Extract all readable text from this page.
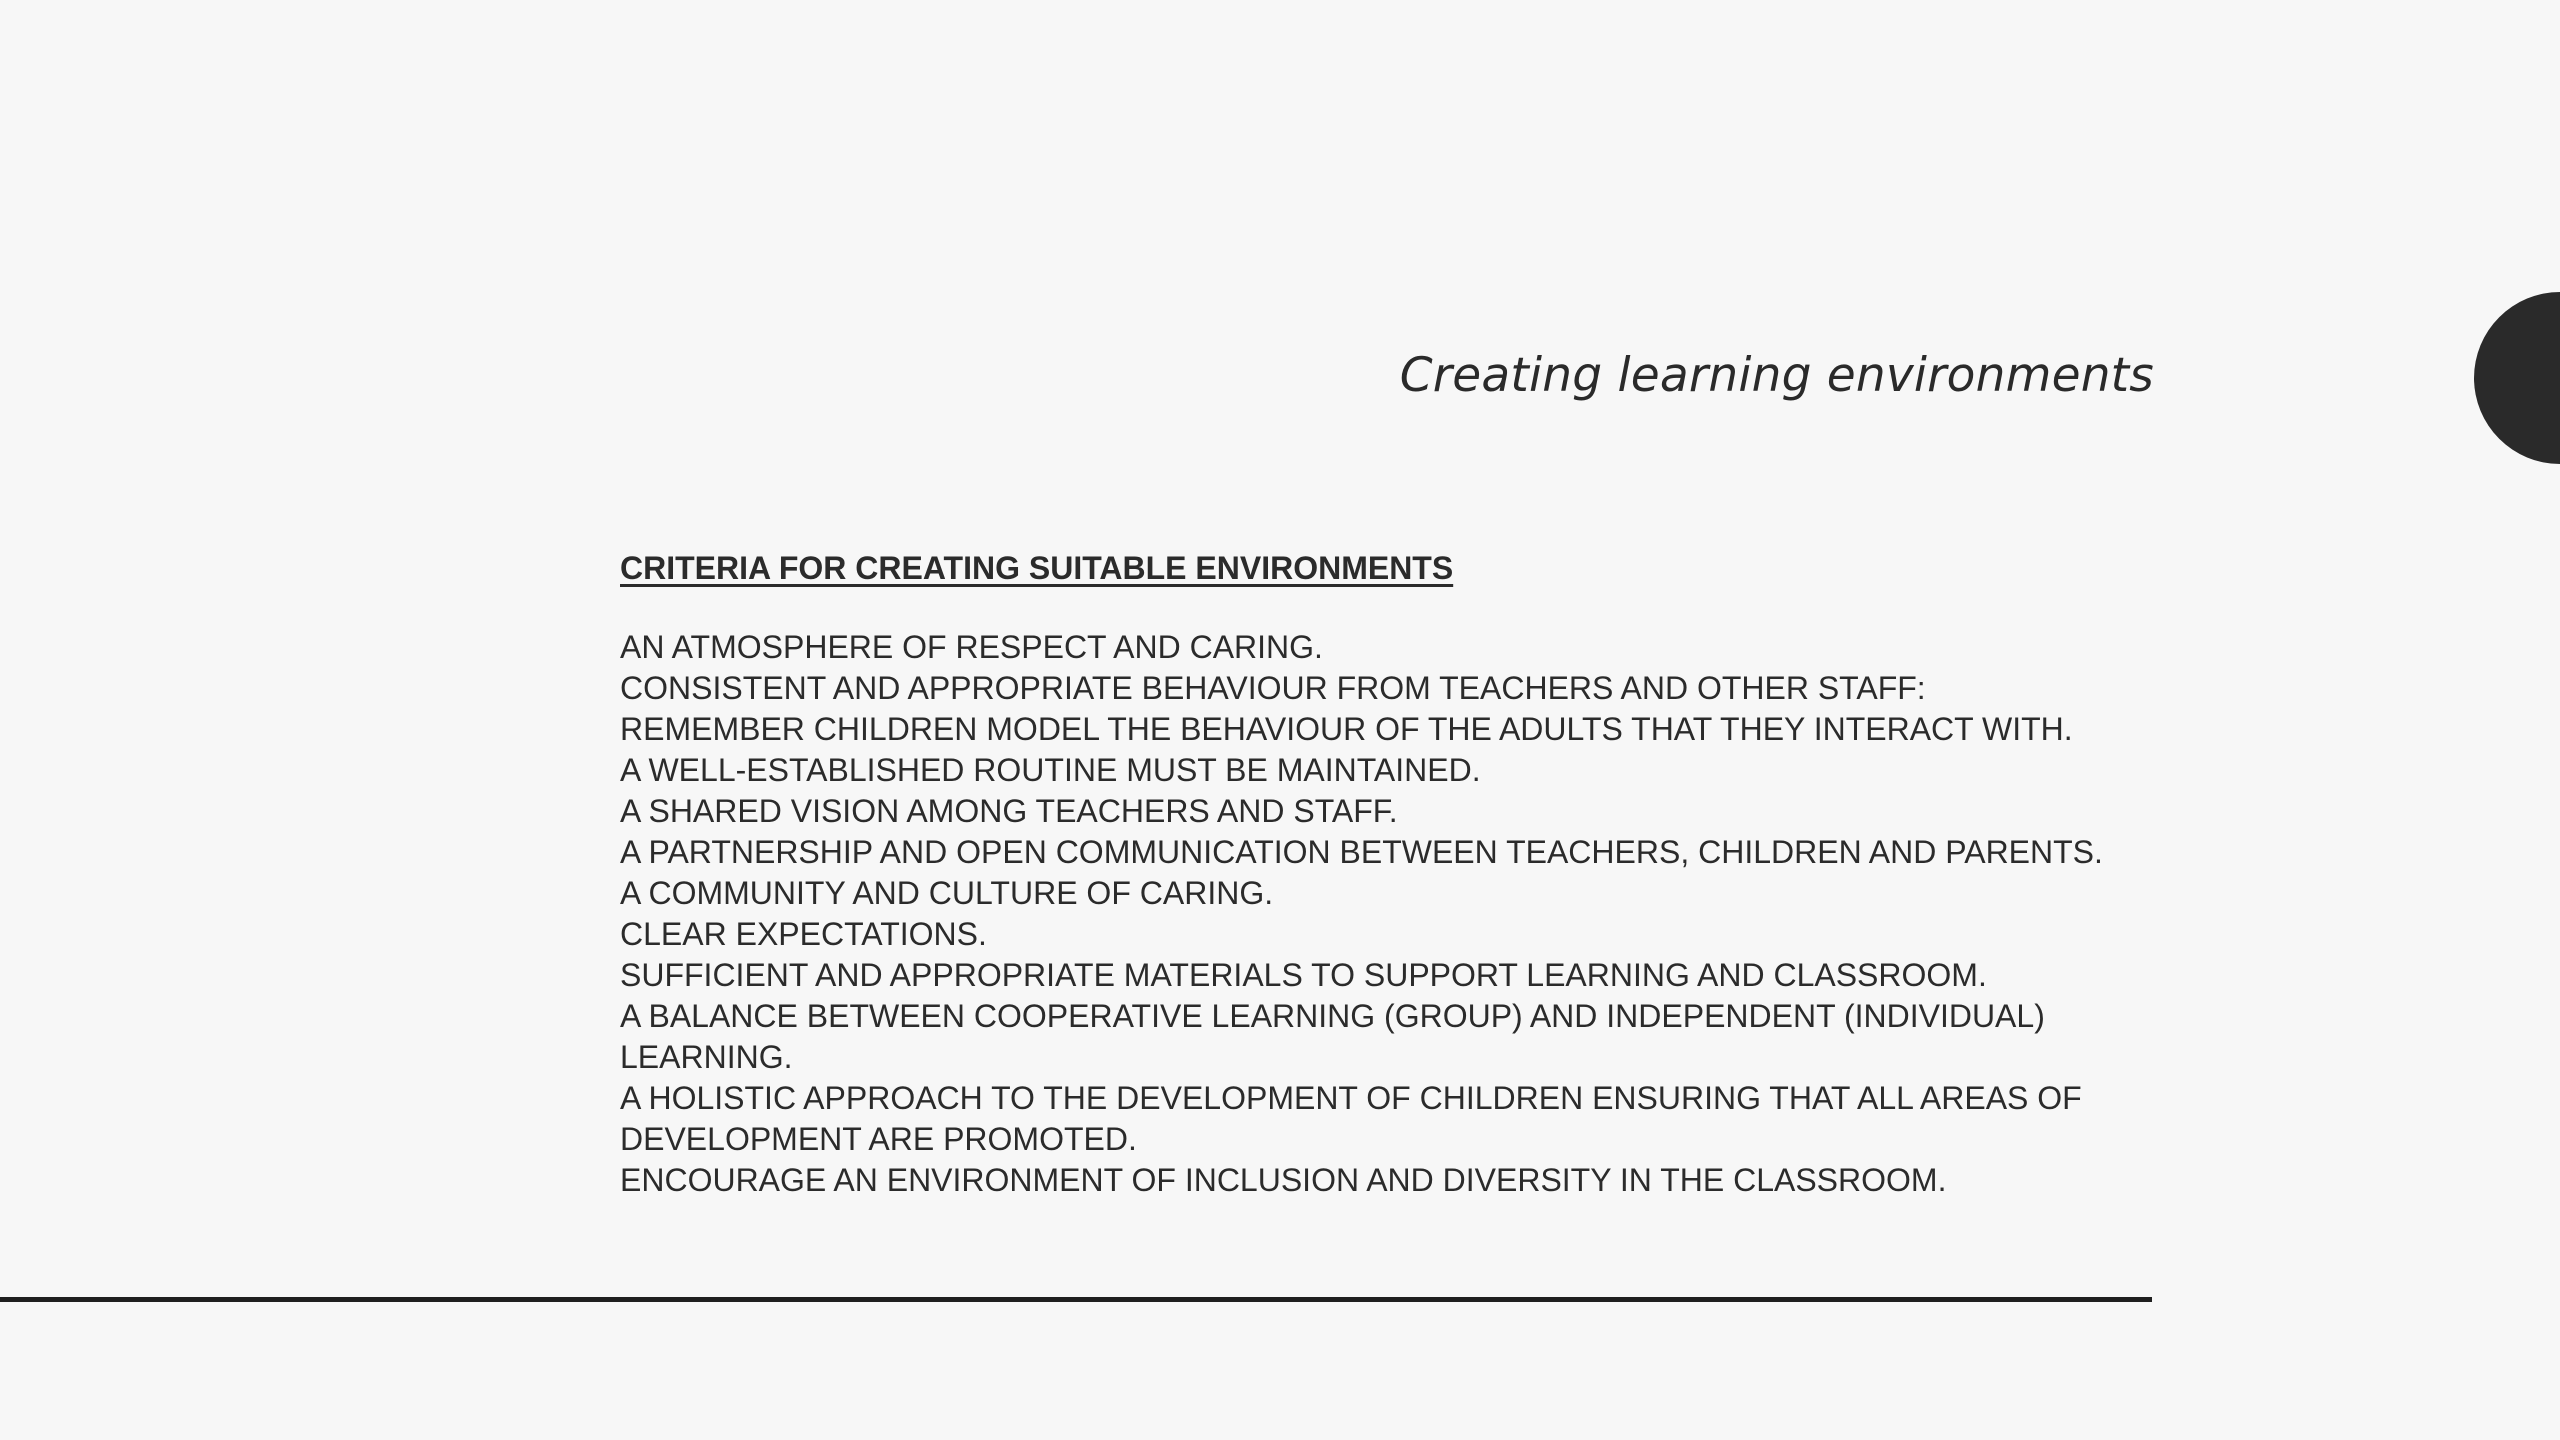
Creating learning environments
CRITERIA FOR CREATING SUITABLE ENVIRONMENTS
AN ATMOSPHERE OF RESPECT AND CARING.
CONSISTENT AND APPROPRIATE BEHAVIOUR FROM TEACHERS AND OTHER STAFF:
REMEMBER CHILDREN MODEL THE BEHAVIOUR OF THE ADULTS THAT THEY INTERACT WITH.
A WELL-ESTABLISHED ROUTINE MUST BE MAINTAINED.
A SHARED VISION AMONG TEACHERS AND STAFF.
A PARTNERSHIP AND OPEN COMMUNICATION BETWEEN TEACHERS, CHILDREN AND PARENTS.
A COMMUNITY AND CULTURE OF CARING.
CLEAR EXPECTATIONS.
SUFFICIENT AND APPROPRIATE MATERIALS TO SUPPORT LEARNING AND CLASSROOM.
A BALANCE BETWEEN COOPERATIVE LEARNING (GROUP) AND INDEPENDENT (INDIVIDUAL) LEARNING.
A HOLISTIC APPROACH TO THE DEVELOPMENT OF CHILDREN ENSURING THAT ALL AREAS OF DEVELOPMENT ARE PROMOTED.
ENCOURAGE AN ENVIRONMENT OF INCLUSION AND DIVERSITY IN THE CLASSROOM.
